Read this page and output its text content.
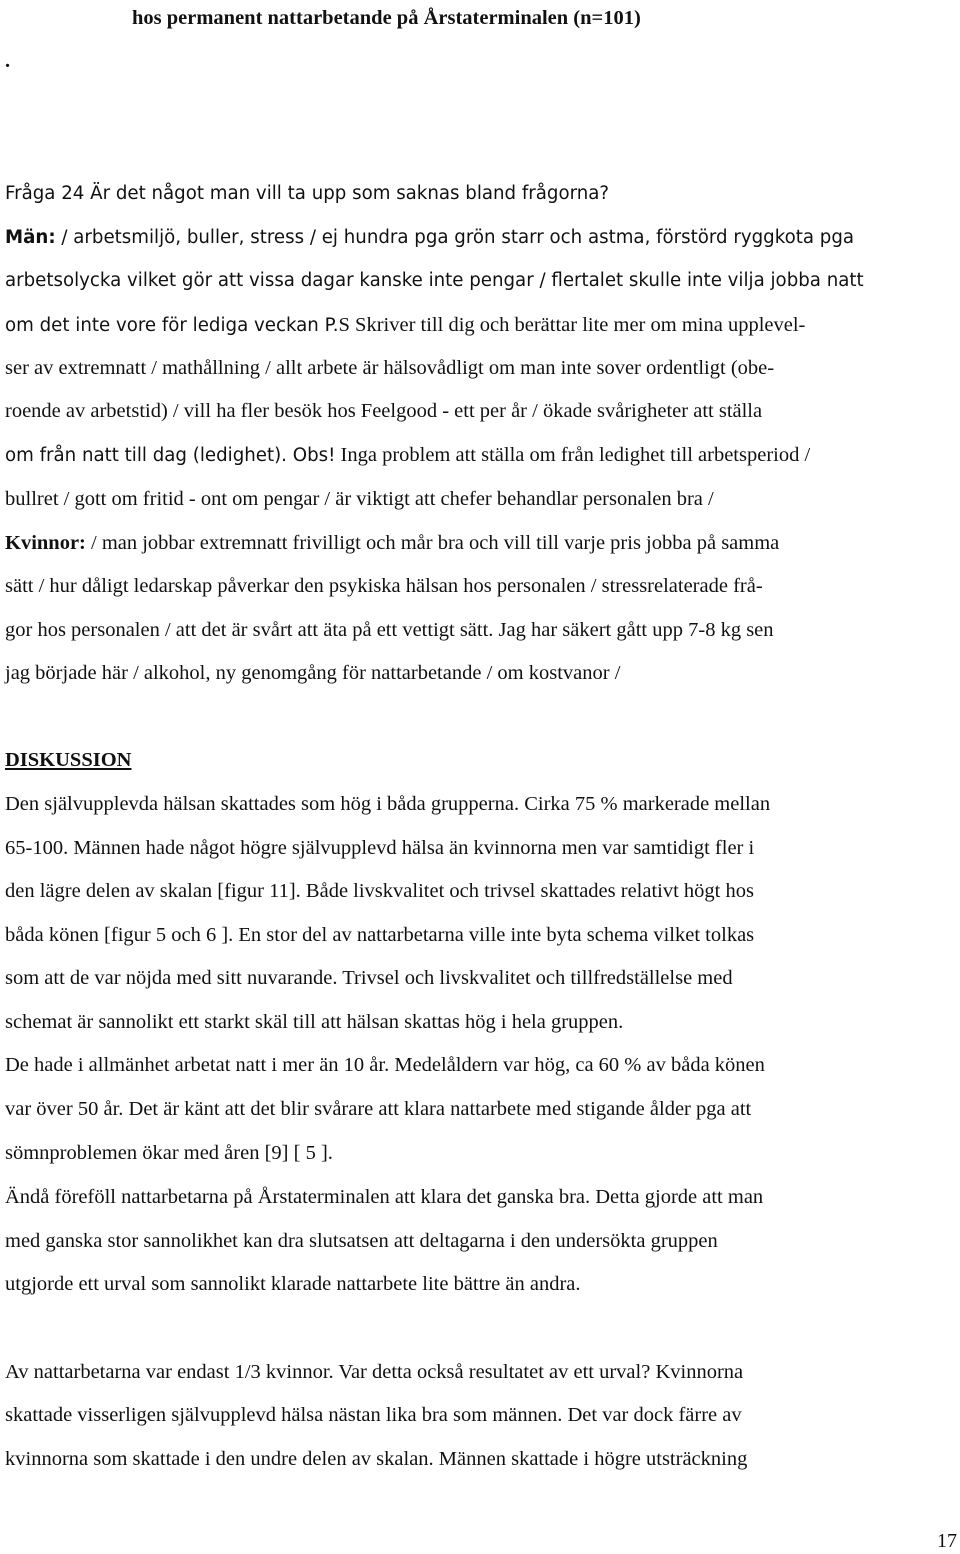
hos permanent nattarbetande på Årstaterminalen (n=101)
.
Fråga 24 Är det något man vill ta upp som saknas bland frågorna?
Män: / arbetsmiljö, buller, stress / ej hundra pga grön starr och astma, förstörd ryggkota pga
arbetsolycka vilket gör att vissa dagar kanske inte pengar / flertalet skulle inte vilja jobba natt
om det inte vore för lediga veckan P.S Skriver till dig och berättar lite mer om mina upplevel-
ser av extremnatt / mathållning / allt arbete är hälsovådligt om man inte sover ordentligt (obe-
roende av arbetstid) / vill ha fler besök hos Feelgood - ett per år / ökade svårigheter att ställa
om från natt till dag (ledighet). Obs! Inga problem att ställa om från ledighet till arbetsperiod /
bullret / gott om fritid - ont om pengar / är viktigt att chefer behandlar personalen bra /
Kvinnor: / man jobbar extremnatt frivilligt och mår bra och vill till varje pris jobba på samma
sätt / hur dåligt ledarskap påverkar den psykiska hälsan hos personalen / stressrelaterade frå-
gor hos personalen / att det är svårt att äta på ett vettigt sätt. Jag har säkert gått upp 7-8 kg sen
jag började här / alkohol, ny genomgång för nattarbetande / om kostvanor /
DISKUSSION
Den självupplevda hälsan skattades som hög i båda grupperna. Cirka 75 % markerade mellan
65-100. Männen hade något högre självupplevd hälsa än kvinnorna men var samtidigt fler i
den lägre delen av skalan [figur 11]. Både livskvalitet och trivsel skattades relativt högt hos
båda könen [figur 5 och 6 ]. En stor del av nattarbetarna ville inte byta schema vilket tolkas
som att de var nöjda med sitt nuvarande. Trivsel och livskvalitet och tillfredställelse med
schemat är sannolikt ett starkt skäl till att hälsan skattas hög i hela gruppen.
De hade i allmänhet arbetat natt i mer än 10 år. Medelåldern var hög, ca 60 % av båda könen
var över 50 år. Det är känt att det blir svårare att klara nattarbete med stigande ålder pga att
sömnproblemen ökar med åren [9] [ 5 ].
Ändå föreföll nattarbetarna på Årstaterminalen att klara det ganska bra. Detta gjorde att man
med ganska stor sannolikhet kan dra slutsatsen att deltagarna i den undersökta gruppen
utgjorde ett urval som sannolikt klarade nattarbete lite bättre än andra.
Av nattarbetarna var endast 1/3 kvinnor. Var detta också resultatet av ett urval? Kvinnorna
skattade visserligen självupplevd hälsa nästan lika bra som männen. Det var dock färre av
kvinnorna som skattade i den undre delen av skalan. Männen skattade i högre utsträckning
17
